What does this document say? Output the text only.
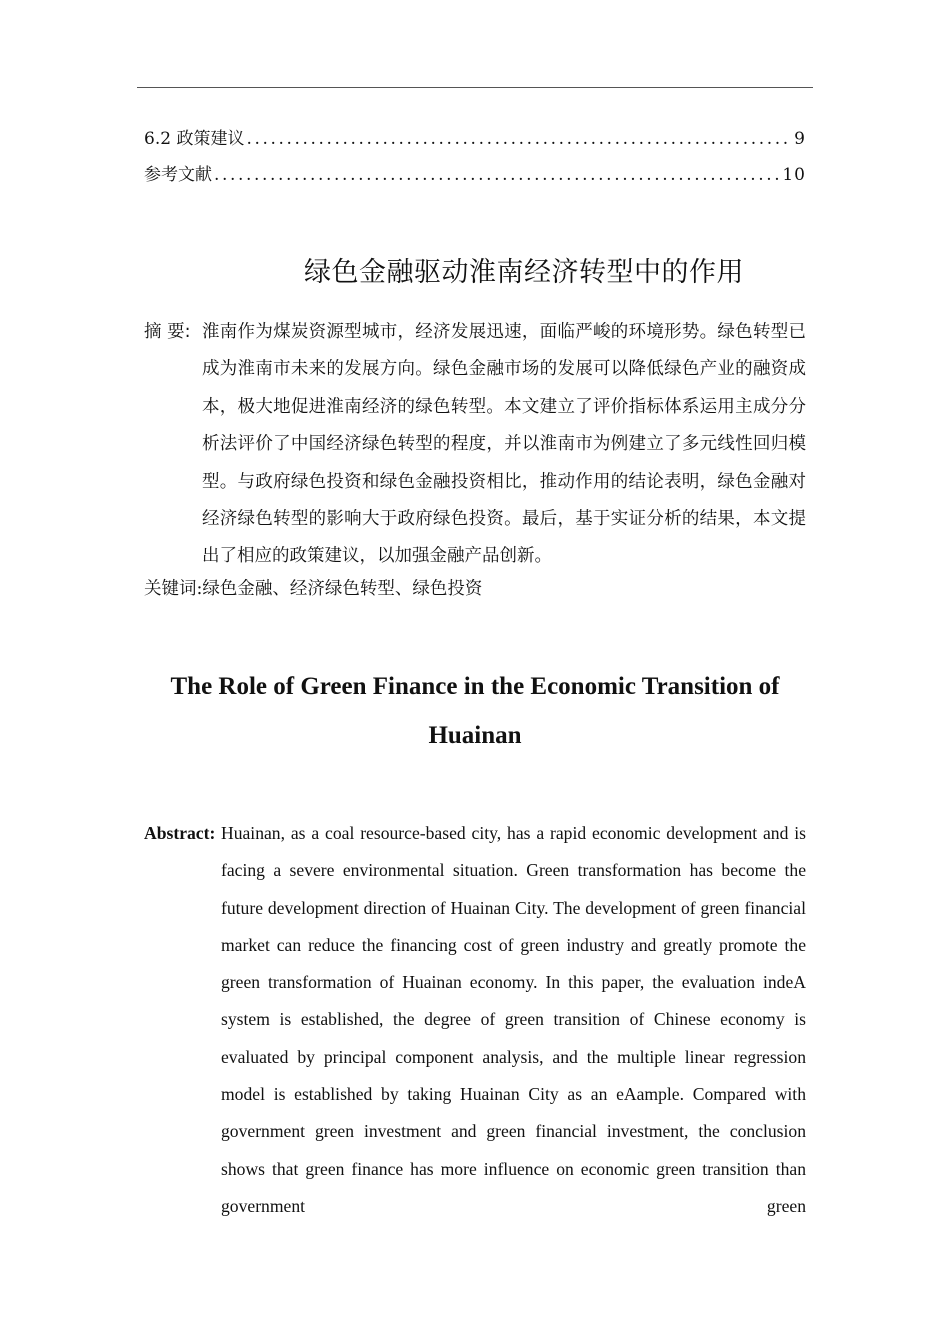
6.2 政策建议 .....	9
参考文献 .....	10
绿色金融驱动淮南经济转型中的作用
摘 要: 淮南作为煤炭资源型城市，经济发展迅速，面临严峻的环境形势。绿色转型已成为淮南市未来的发展方向。绿色金融市场的发展可以降低绿色产业的融资成本，极大地促进淮南经济的绿色转型。本文建立了评价指标体系运用主成分分析法评价了中国经济绿色转型的程度，并以淮南市为例建立了多元线性回归模型。与政府绿色投资和绿色金融投资相比，推动作用的结论表明，绿色金融对经济绿色转型的影响大于政府绿色投资。最后，基于实证分析的结果，本文提出了相应的政策建议，以加强金融产品创新。
关键词:绿色金融、经济绿色转型、绿色投资
The Role of Green Finance in the Economic Transition of Huainan
Abstract: Huainan, as a coal resource-based city, has a rapid economic development and is facing a severe environmental situation. Green transformation has become the future development direction of Huainan City. The development of green financial market can reduce the financing cost of green industry and greatly promote the green transformation of Huainan economy. In this paper, the evaluation indeA system is established, the degree of green transition of Chinese economy is evaluated by principal component analysis, and the multiple linear regression model is established by taking Huainan City as an eAample. Compared with government green investment and green financial investment, the conclusion shows that green finance has more influence on economic green transition than government green
